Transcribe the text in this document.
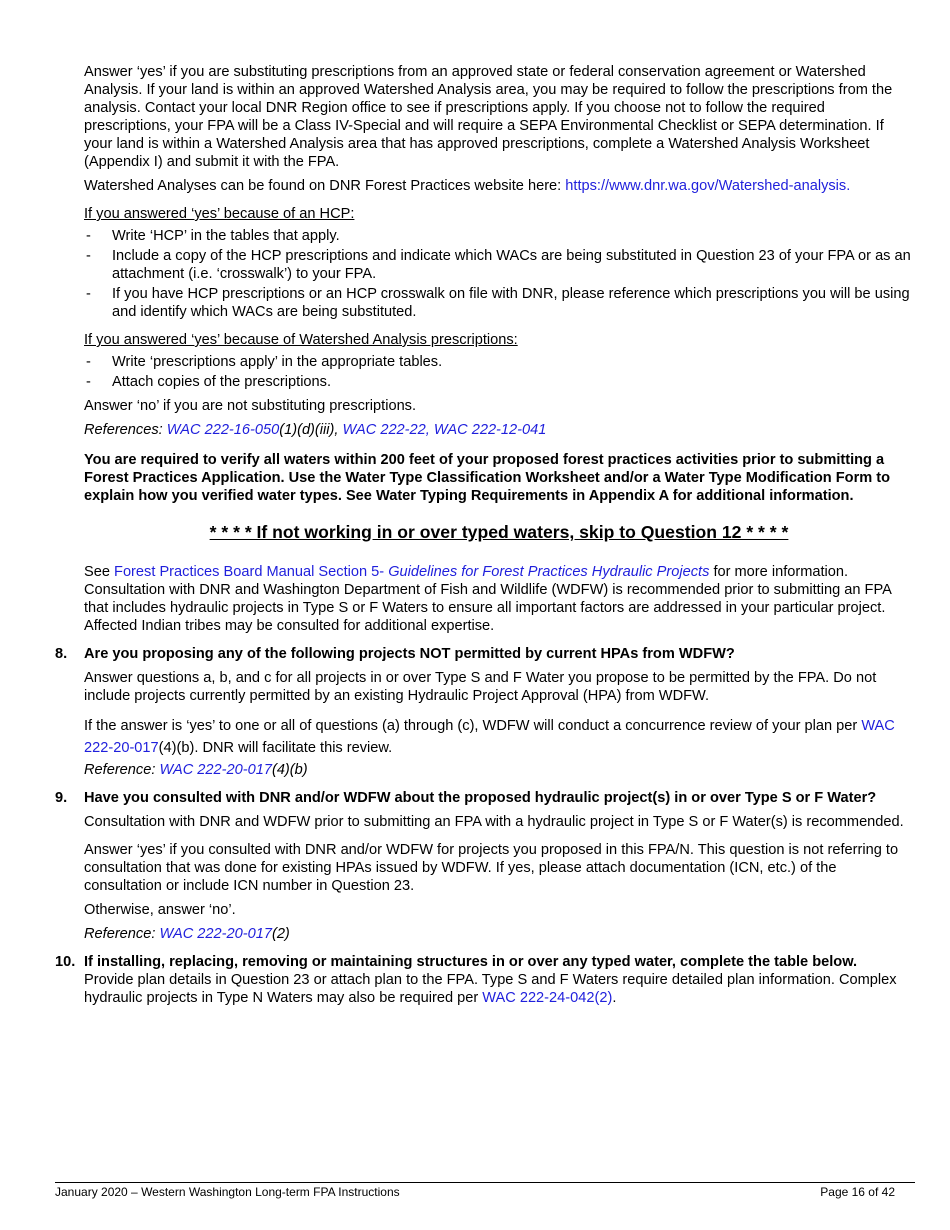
Answer ‘yes’ if you are substituting prescriptions from an approved state or federal conservation agreement or Watershed Analysis. If your land is within an approved Watershed Analysis area, you may be required to follow the prescriptions from the analysis. Contact your local DNR Region office to see if prescriptions apply. If you choose not to follow the required prescriptions, your FPA will be a Class IV-Special and will require a SEPA Environmental Checklist or SEPA determination. If your land is within a Watershed Analysis area that has approved prescriptions, complete a Watershed Analysis Worksheet (Appendix I) and submit it with the FPA.

Watershed Analyses can be found on DNR Forest Practices website here: https://www.dnr.wa.gov/Watershed-analysis.

If you answered ‘yes’ because of an HCP:

- Write ‘HCP’ in the tables that apply.
- Include a copy of the HCP prescriptions and indicate which WACs are being substituted in Question 23 of your FPA or as an attachment (i.e. ‘crosswalk’) to your FPA.
- If you have HCP prescriptions or an HCP crosswalk on file with DNR, please reference which prescriptions you will be using and identify which WACs are being substituted.

If you answered ‘yes’ because of Watershed Analysis prescriptions:

- Write ‘prescriptions apply’ in the appropriate tables.
- Attach copies of the prescriptions.

Answer ‘no’ if you are not substituting prescriptions.

References: WAC 222-16-050(1)(d)(iii), WAC 222-22, WAC 222-12-041

You are required to verify all waters within 200 feet of your proposed forest practices activities prior to submitting a Forest Practices Application. Use the Water Type Classification Worksheet and/or a Water Type Modification Form to explain how you verified water types. See Water Typing Requirements in Appendix A for additional information.

* * * * If not working in or over typed waters, skip to Question 12 * * * *

See Forest Practices Board Manual Section 5- Guidelines for Forest Practices Hydraulic Projects for more information. Consultation with DNR and Washington Department of Fish and Wildlife (WDFW) is recommended prior to submitting an FPA that includes hydraulic projects in Type S or F Waters to ensure all important factors are addressed in your particular project. Affected Indian tribes may be consulted for additional expertise.

8. Are you proposing any of the following projects NOT permitted by current HPAs from WDFW?

Answer questions a, b, and c for all projects in or over Type S and F Water you propose to be permitted by the FPA. Do not include projects currently permitted by an existing Hydraulic Project Approval (HPA) from WDFW.

If the answer is ‘yes’ to one or all of questions (a) through (c), WDFW will conduct a concurrence review of your plan per WAC 222-20-017(4)(b). DNR will facilitate this review.

Reference: WAC 222-20-017(4)(b)

9. Have you consulted with DNR and/or WDFW about the proposed hydraulic project(s) in or over Type S or F Water?

Consultation with DNR and WDFW prior to submitting an FPA with a hydraulic project in Type S or F Water(s) is recommended.

Answer ‘yes’ if you consulted with DNR and/or WDFW for projects you proposed in this FPA/N. This question is not referring to consultation that was done for existing HPAs issued by WDFW. If yes, please attach documentation (ICN, etc.) of the consultation or include ICN number in Question 23.

Otherwise, answer ‘no’.

Reference: WAC 222-20-017(2)

10. If installing, replacing, removing or maintaining structures in or over any typed water, complete the table below.

Provide plan details in Question 23 or attach plan to the FPA. Type S and F Waters require detailed plan information. Complex hydraulic projects in Type N Waters may also be required per WAC 222-24-042(2).

January 2020 – Western Washington Long-term FPA Instructions	Page 16 of 42
